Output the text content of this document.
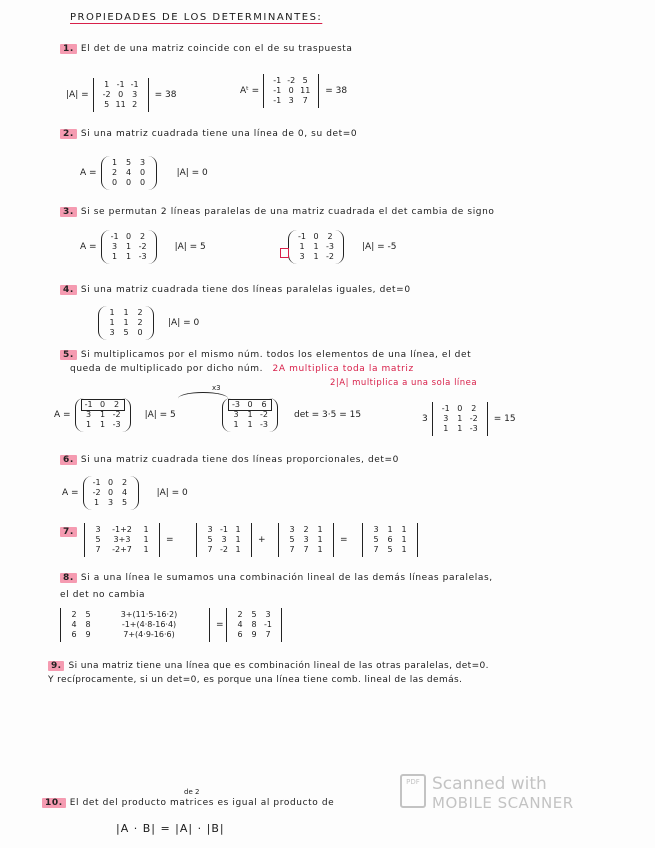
PROPIEDADES DE LOS DETERMINANTES:
1. El det de una matriz coincide con el de su traspuesta
|A| =
1 -1 -1
-2 0	3
5 11 2
= 38	Aᵗ =
-1 -2 5
-1 0 11
-1 3	7
= 38
2. Si una matriz cuadrada tiene una línea de 0, su det=0
A =
1	5	3
2	4	0
0	0	0
|A| = 0
3. Si se permutan 2 líneas paralelas de una matriz cuadrada el det cambia de signo
A =
-1 0	2
3	1 -2
1	1 -3
|A| = 5
-1 0	2
1	1 -3
3	1 -2
|A| = -5
4. Si una matriz cuadrada tiene dos líneas paralelas iguales, det=0
1	1	2
1	1	2
3	5	0
|A| = 0
5. Si multiplicamos por el mismo núm. todos los elementos de una línea, el det
queda de multiplicado por dicho núm. 2A multiplica toda la matriz
2|A| multiplica a una sola línea
x3
A =
-1 0	2
3	1 -2
1	1 -3
|A| = 5
-3 0	6
3	1 -2
1	1 -3
det = 3·5 = 15	3
-1 0	2
3	1 -2
1	1 -3
= 15
6. Si una matriz cuadrada tiene dos líneas proporcionales, det=0
A =
-1 0	2
-2 0	4
1	3	5
|A| = 0
7.	3	-1+2	1
5	3+3	1
7	-2+7	1
=
3 -1 1
5	3	1
7 -2 1
+
3	2	1
5	3	1
7	7	1
=
3	1	1
5	6	1
7	5	1
8. Si a una línea le sumamos una combinación lineal de las demás líneas paralelas,
el det no cambia
2	5	3+(11·5-16·2)
4	8	-1+(4·8-16·4)
6	9	7+(4·9-16·6)
=
2	5	3
4	8 -1
6	9	7
9. Si una matriz tiene una línea que es combinación lineal de las otras paralelas, det=0.
Y recíprocamente, si un det=0, es porque una línea tiene comb. lineal de las demás.
de 2
10. El det del producto matrices es igual al producto de
|A · B| = |A| · |B|
PDF Scanned with
MOBILE SCANNER
